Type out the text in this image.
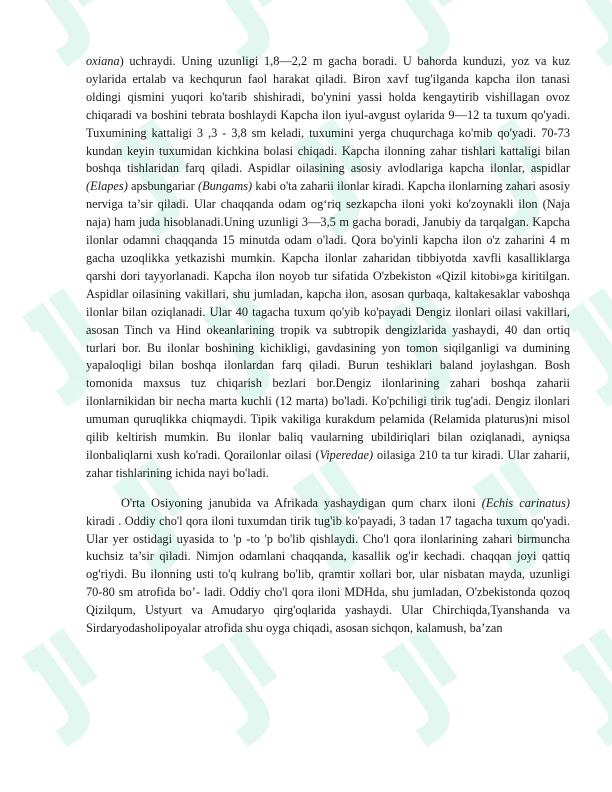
oxiana) uchraydi. Uning uzunligi 1,8—2,2 m gacha boradi. U bahorda kunduzi, yoz va kuz oylarida ertalab va kechqurun faol harakat qiladi. Biron xavf tug'ilganda kapcha ilon tanasi oldingi qismini yuqori ko'tarib shishiradi, bo'ynini yassi holda kengaytirib vishillagan ovoz chiqaradi va boshini tebrata boshlaydi Kapcha ilon iyul-avgust oylarida 9—12 ta tuxum qo'yadi. Tuxumining kattaligi 3 ,3 - 3,8 sm keladi, tuxumini yerga chuqurchaga ko'mib qo'yadi. 70-73 kundan keyin tuxumidan kichkina bolasi chiqadi. Kapcha ilonning zahar tishlari kattaligi bilan boshqa tishlaridan farq qiladi. Aspidlar oilasining asosiy avlodlariga kapcha ilonlar, aspidlar (Elapes) apsbungariar (Bungams) kabi o'ta zaharii ilonlar kiradi. Kapcha ilonlarning zahari asosiy nerviga ta’sir qiladi. Ular chaqqanda odam og‘riq sezkapcha iloni yoki ko'zoynakli ilon (Naja naja) ham juda hisoblanadi.Uning uzunligi 3—3,5 m gacha boradi, Janubiy da tarqalgan. Kapcha ilonlar odamni chaqqanda 15 minutda odam o'ladi. Qora bo'yinli kapcha ilon o'z zaharini 4 m gacha uzoqlikka yetkazishi mumkin. Kapcha ilonlar zaharidan tibbiyotda xavfli kasalliklarga qarshi dori tayyorlanadi. Kapcha ilon noyob tur sifatida O'zbekiston «Qizil kitobi»ga kiritilgan. Aspidlar oilasining vakillari, shu jumladan, kapcha ilon, asosan qurbaqa, kaltakesaklar vaboshqa ilonlar bilan oziqlanadi. Ular 40 tagacha tuxum qo'yib ko'payadi Dengiz ilonlari oilasi vakillari, asosan Tinch va Hind okeanlarining tropik va subtropik dengizlarida yashaydi, 40 dan ortiq turlari bor. Bu ilonlar boshining kichikligi, gavdasining yon tomon siqilganligi va dumining yapaloqligi bilan boshqa ilonlardan farq qiladi. Burun teshiklari baland joylashgan. Bosh tomonida maxsus tuz chiqarish bezlari bor.Dengiz ilonlarining zahari boshqa zaharii ilonlarnikidan bir necha marta kuchli (12 marta) bo'ladi. Ko'pchiligi tirik tug'adi. Dengiz ilonlari umuman quruqlikka chiqmaydi. Tipik vakiliga kurakdum pelamida (Relamida platurus)ni misol qilib keltirish mumkin. Bu ilonlar baliq vaularning ubildiriqlari bilan oziqlanadi, ayniqsa ilonbaliqlarni xush ko'radi. Qorailonlar oilasi (Viperedae) oilasiga 210 ta tur kiradi. Ular zaharii, zahar tishlarining ichida nayi bo'ladi.

O'rta Osiyoning janubida va Afrikada yashaydigan qum charx iloni (Echis carinatus) kiradi . Oddiy cho'l qora iloni tuxumdan tirik tug'ib ko'payadi, 3 tadan 17 tagacha tuxum qo'yadi. Ular yer ostidagi uyasida to 'p -to 'p bo'lib qishlaydi. Cho'l qora ilonlarining zahari birmuncha kuchsiz ta’sir qiladi. Nimjon odamlani chaqqanda, kasallik og'ir kechadi. chaqqan joyi qattiq og'riydi. Bu ilonning usti to'q kulrang bo'lib, qramtir xollari bor, ular nisbatan mayda, uzunligi 70-80 sm atrofida bo’- ladi. Oddiy cho'l qora iloni MDHda, shu jumladan, O'zbekistonda qozoq Qizilqum, Ustyurt va Amudaryo qirg'oqlarida yashaydi. Ular Chirchiqda,Tyanshanda va Sirdaryodasholipoyalar atrofida shu oyga chiqadi, asosan sichqon, kalamush, ba’zan
